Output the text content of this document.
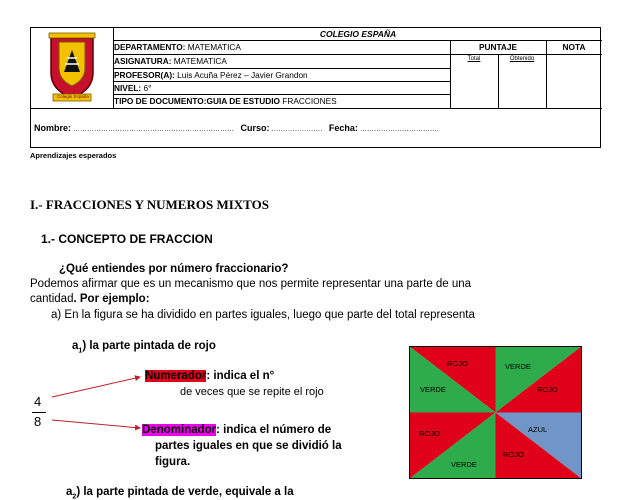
Colegio España
COLEGIO ESPAÑA
DEPARTAMENTO: MATEMATICA	PUNTAJE	NOTA
ASIGNATURA: MATEMATICA	Total	Obtenido
PROFESOR(A): Luis Acuña Pérez – Javier Grandon
NIVEL: 6°
TIPO DE DOCUMENTO:GUIA DE ESTUDIO FRACCIONES
Nombre: …………………………………………………………… Curso: …………………. Fecha: …………………………….
Aprendizajes esperados
I.- FRACCIONES Y NUMEROS MIXTOS
1.- CONCEPTO DE FRACCION
¿Qué entiendes por número fraccionario?
Podemos afirmar que es un mecanismo que nos permite representar una parte de una
cantidad. Por ejemplo:
a) En la figura se ha dividido en partes iguales, luego que parte del total representa
$a_1$) la parte pintada de rojo
4
8
Numerador: indica el n°
de veces que se repite el rojo
Denominador: indica el número de
partes iguales en que se dividió la
figura.
$a_2$) la parte pintada de verde, equivale a la
ROJO	VERDE
VERDE	ROJO
ROJO	AZUL
VERDE
ROJO
